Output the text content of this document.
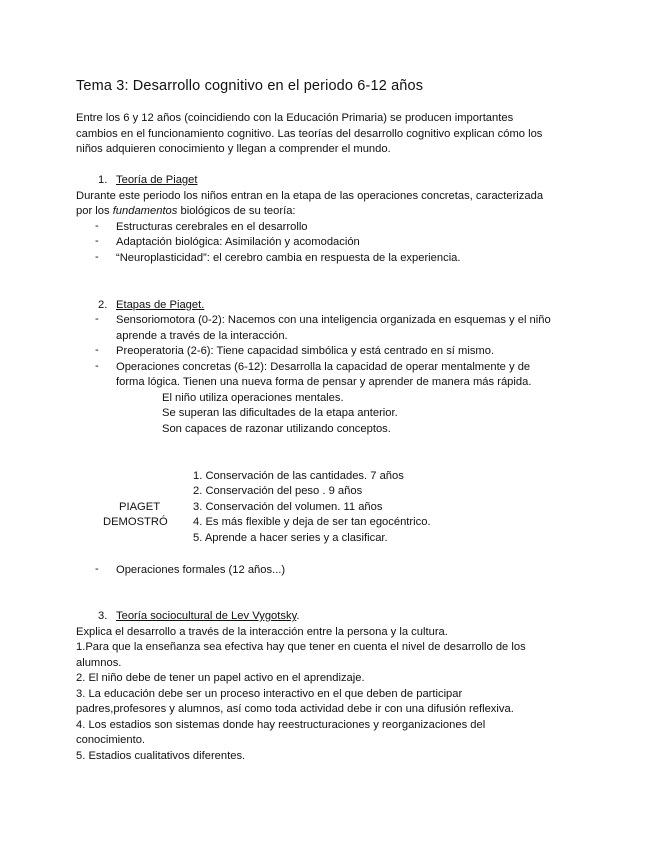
Tema 3: Desarrollo cognitivo en el periodo 6-12 años
Entre los 6 y 12 años (coincidiendo con la Educación Primaria) se producen importantes
cambios en el funcionamiento cognitivo. Las teorías del desarrollo cognitivo explican cómo los
niños adquieren conocimiento y llegan a comprender el mundo.
1. Teoría de Piaget
Durante este periodo los niños entran en la etapa de las operaciones concretas, caracterizada
por los fundamentos biológicos de su teoría:
- Estructuras cerebrales en el desarrollo
- Adaptación biológica: Asimilación y acomodación
- “Neuroplasticidad”: el cerebro cambia en respuesta de la experiencia.
2. Etapas de Piaget.
- Sensoriomotora (0-2): Nacemos con una inteligencia organizada en esquemas y el niño
aprende a través de la interacción.
- Preoperatoria (2-6): Tiene capacidad simbólica y está centrado en sí mismo.
- Operaciones concretas (6-12): Desarrolla la capacidad de operar mentalmente y de
forma lógica. Tienen una nueva forma de pensar y aprender de manera más rápida.
El niño utiliza operaciones mentales.
Se superan las dificultades de la etapa anterior.
Son capaces de razonar utilizando conceptos.
PIAGET
DEMOSTRÓ
1. Conservación de las cantidades. 7 años
2. Conservación del peso . 9 años
3. Conservación del volumen. 11 años
4. Es más flexible y deja de ser tan egocéntrico.
5. Aprende a hacer series y a clasificar.
- Operaciones formales (12 años...)
3. Teoría sociocultural de Lev Vygotsky.
Explica el desarrollo a través de la interacción entre la persona y la cultura.
1.Para que la enseñanza sea efectiva hay que tener en cuenta el nivel de desarrollo de los
alumnos.
2. El niño debe de tener un papel activo en el aprendizaje.
3. La educación debe ser un proceso interactivo en el que deben de participar
padres,profesores y alumnos, así como toda actividad debe ir con una difusión reflexiva.
4. Los estadios son sistemas donde hay reestructuraciones y reorganizaciones del
conocimiento.
5. Estadios cualitativos diferentes.
